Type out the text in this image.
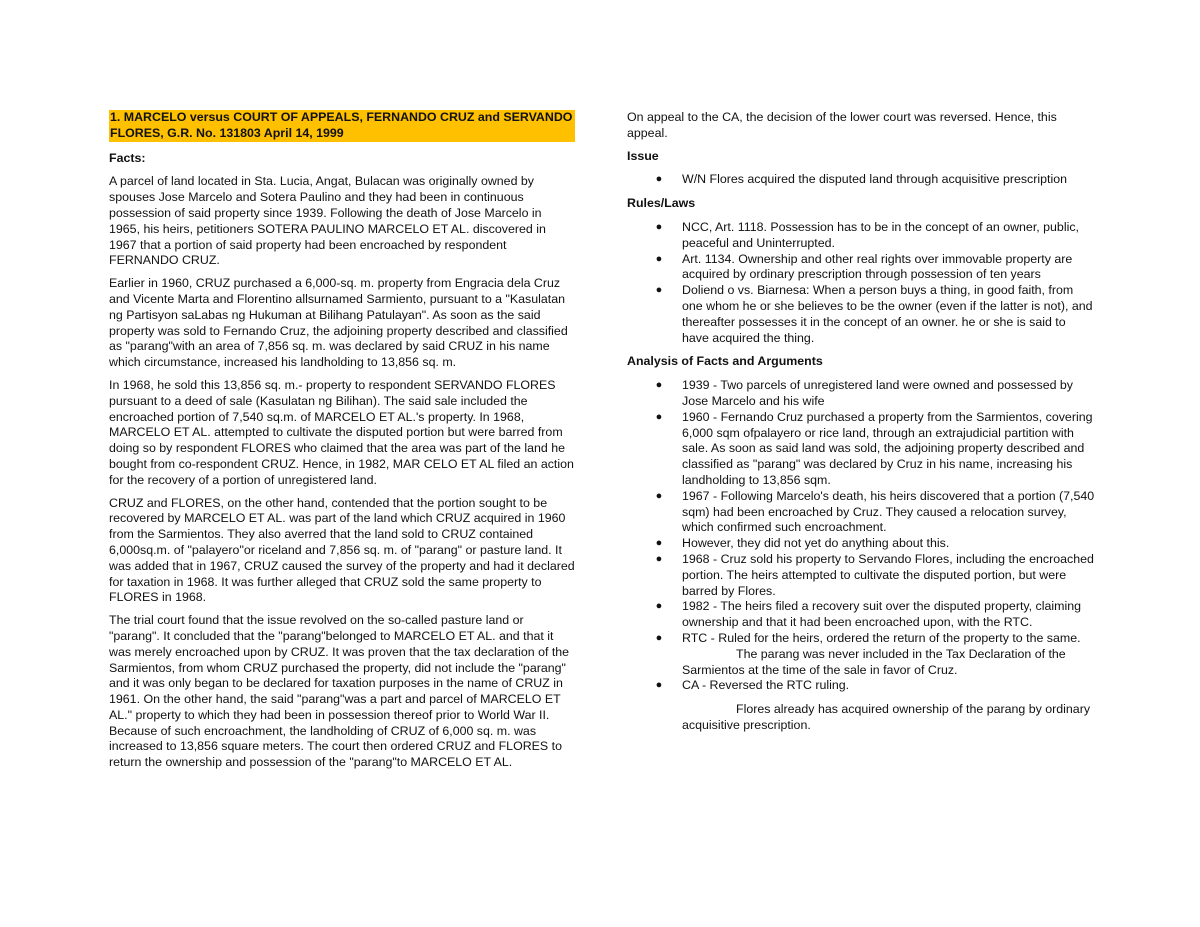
1. MARCELO versus COURT OF APPEALS, FERNANDO CRUZ and SERVANDO FLORES, G.R. No. 131803 April 14, 1999
Facts:

A parcel of land located in Sta. Lucia, Angat, Bulacan was originally owned by spouses Jose Marcelo and Sotera Paulino and they had been in continuous possession of said property since 1939. Following the death of Jose Marcelo in 1965, his heirs, petitioners SOTERA PAULINO MARCELO ET AL. discovered in 1967 that a portion of said property had been encroached by respondent FERNANDO CRUZ.

Earlier in 1960, CRUZ purchased a 6,000-sq. m. property from Engracia dela Cruz and Vicente Marta and Florentino allsurnamed Sarmiento, pursuant to a "Kasulatan ng Partisyon saLabas ng Hukuman at Bilihang Patulayan". As soon as the said property was sold to Fernando Cruz, the adjoining property described and classified as "parang"with an area of 7,856 sq. m. was declared by said CRUZ in his name which circumstance, increased his landholding to 13,856 sq. m.

In 1968, he sold this 13,856 sq. m.- property to respondent SERVANDO FLORES pursuant to a deed of sale (Kasulatan ng Bilihan). The said sale included the encroached portion of 7,540 sq.m. of MARCELO ET AL.'s property. In 1968, MARCELO ET AL. attempted to cultivate the disputed portion but were barred from doing so by respondent FLORES who claimed that the area was part of the land he bought from co-respondent CRUZ. Hence, in 1982, MAR CELO ET AL filed an action for the recovery of a portion of unregistered land.

CRUZ and FLORES, on the other hand, contended that the portion sought to be recovered by MARCELO ET AL. was part of the land which CRUZ acquired in 1960 from the Sarmientos. They also averred that the land sold to CRUZ contained 6,000sq.m. of "palayero"or riceland and 7,856 sq. m. of "parang" or pasture land. It was added that in 1967, CRUZ caused the survey of the property and had it declared for taxation in 1968. It was further alleged that CRUZ sold the same property to FLORES in 1968.

The trial court found that the issue revolved on the so-called pasture land or "parang". It concluded that the "parang"belonged to MARCELO ET AL. and that it was merely encroached upon by CRUZ. It was proven that the tax declaration of the Sarmientos, from whom CRUZ purchased the property, did not include the "parang" and it was only began to be declared for taxation purposes in the name of CRUZ in 1961. On the other hand, the said "parang"was a part and parcel of MARCELO ET AL." property to which they had been in possession thereof prior to World War II. Because of such encroachment, the landholding of CRUZ of 6,000 sq. m. was increased to 13,856 square meters. The court then ordered CRUZ and FLORES to return the ownership and possession of the "parang"to MARCELO ET AL.

On appeal to the CA, the decision of the lower court was reversed. Hence, this appeal.

Issue
● W/N Flores acquired the disputed land through acquisitive prescription
Rules/Laws
● NCC, Art. 1118. Possession has to be in the concept of an owner, public, peaceful and Uninterrupted.
● Art. 1134. Ownership and other real rights over immovable property are acquired by ordinary prescription through possession of ten years
● Doliend o vs. Biarnesa: When a person buys a thing, in good faith, from one whom he or she believes to be the owner (even if the latter is not), and thereafter possesses it in the concept of an owner. he or she is said to have acquired the thing.
Analysis of Facts and Arguments
● 1939 - Two parcels of unregistered land were owned and possessed by Jose Marcelo and his wife
● 1960 - Fernando Cruz purchased a property from the Sarmientos, covering 6,000 sqm ofpalayero or rice land, through an extrajudicial partition with sale. As soon as said land was sold, the adjoining property described and classified as "parang" was declared by Cruz in his name, increasing his landholding to 13,856 sqm.
● 1967 - Following Marcelo's death, his heirs discovered that a portion (7,540 sqm) had been encroached by Cruz. They caused a relocation survey, which confirmed such encroachment.
● However, they did not yet do anything about this.
● 1968 - Cruz sold his property to Servando Flores, including the encroached portion. The heirs attempted to cultivate the disputed portion, but were barred by Flores.
● 1982 - The heirs filed a recovery suit over the disputed property, claiming ownership and that it had been encroached upon, with the RTC.
● RTC - Ruled for the heirs, ordered the return of the property to the same.
The parang was never included in the Tax Declaration of the Sarmientos at the time of the sale in favor of Cruz.
● CA - Reversed the RTC ruling.
Flores already has acquired ownership of the parang by ordinary acquisitive prescription.
